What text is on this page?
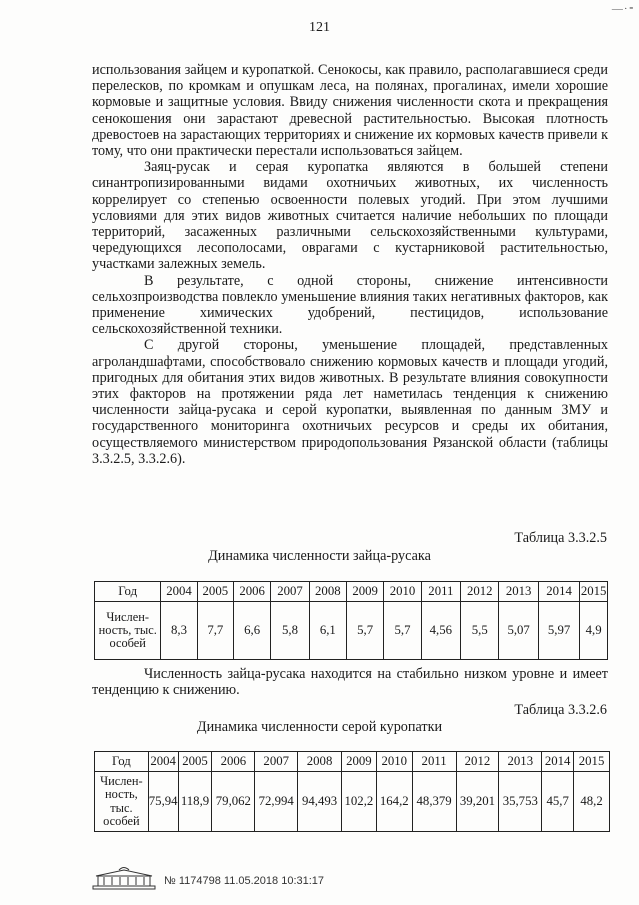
—·⁃
121

использования зайцем и куропаткой. Сенокосы, как правило, располагавшиеся среди перелесков, по кромкам и опушкам леса, на полянах, прогалинах, имели хорошие кормовые и защитные условия. Ввиду снижения численности скота и прекращения сенокошения они зарастают древесной растительностью. Высокая плотность древостоев на зарастающих территориях и снижение их кормовых качеств привели к тому, что они практически перестали использоваться зайцем.

Заяц-русак и серая куропатка являются в большей степени синантропизированными видами охотничьих животных, их численность коррелирует со степенью освоенности полевых угодий. При этом лучшими условиями для этих видов животных считается наличие небольших по площади территорий, засаженных различными сельскохозяйственными культурами, чередующихся лесополосами, оврагами с кустарниковой растительностью, участками залежных земель.

В результате, с одной стороны, снижение интенсивности сельхозпроизводства повлекло уменьшение влияния таких негативных факторов, как применение химических удобрений, пестицидов, использование сельскохозяйственной техники.

С другой стороны, уменьшение площадей, представленных агроландшафтами, способствовало снижению кормовых качеств и площади угодий, пригодных для обитания этих видов животных. В результате влияния совокупности этих факторов на протяжении ряда лет наметилась тенденция к снижению численности зайца-русака и серой куропатки, выявленная по данным ЗМУ и государственного мониторинга охотничьих ресурсов и среды их обитания, осуществляемого министерством природопользования Рязанской области (таблицы 3.3.2.5, 3.3.2.6).

Таблица 3.3.2.5
Динамика численности зайца-русака
Год	2004	2005	2006	2007	2008	2009	2010	2011	2012	2013	2014	2015
Числен-ность, тыс. особей	8,3	7,7	6,6	5,8	6,1	5,7	5,7	4,56	5,5	5,07	5,97	4,9

Численность зайца-русака находится на стабильно низком уровне и имеет тенденцию к снижению.

Таблица 3.3.2.6
Динамика численности серой куропатки
Год	2004	2005	2006	2007	2008	2009	2010	2011	2012	2013	2014	2015
Числен-ность, тыс. особей	75,94	118,9	79,062	72,994	94,493	102,2	164,2	48,379	39,201	35,753	45,7	48,2
№ 1174798 11.05.2018 10:31:17
